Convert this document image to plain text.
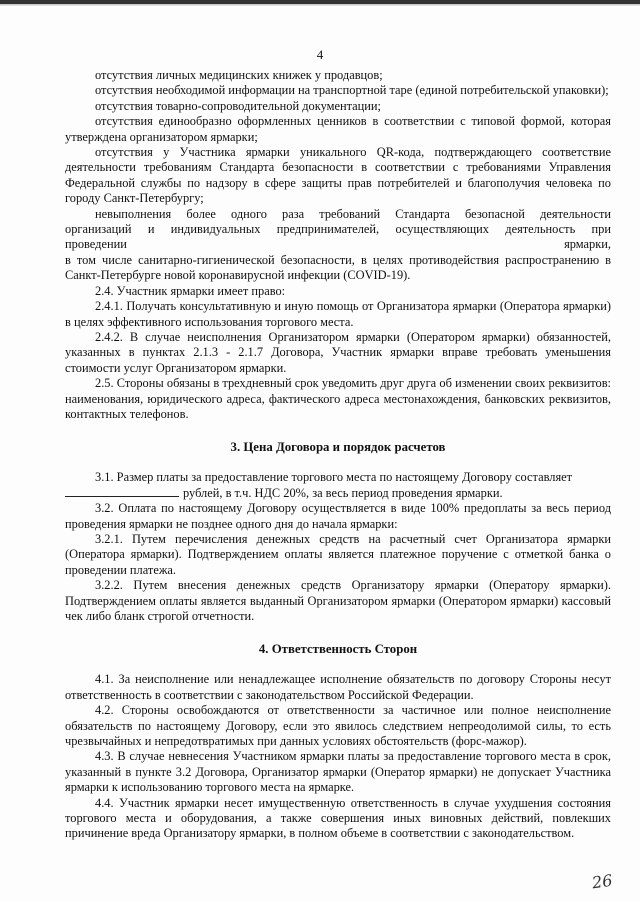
4

отсутствия личных медицинских книжек у продавцов;

отсутствия необходимой информации на транспортной таре (единой потребительской упаковки);

отсутствия товарно-сопроводительной документации;

отсутствия единообразно оформленных ценников в соответствии с типовой формой, которая утверждена организатором ярмарки;

отсутствия у Участника ярмарки уникального QR-кода, подтверждающего соответствие деятельности требованиям Стандарта безопасности в соответствии с требованиями Управления Федеральной службы по надзору в сфере защиты прав потребителей и благополучия человека по городу Санкт-Петербургу;

невыполнения более одного раза требований Стандарта безопасной деятельности

организаций и индивидуальных предпринимателей, осуществляющих деятельность при

проведении	ярмарки,

в том числе санитарно-гигиенической безопасности, в целях противодействия распространению в Санкт-Петербурге новой коронавирусной инфекции (COVID-19).

2.4. Участник ярмарки имеет право:

2.4.1. Получать консультативную и иную помощь от Организатора ярмарки (Оператора ярмарки) в целях эффективного использования торгового места.

2.4.2. В случае неисполнения Организатором ярмарки (Оператором ярмарки) обязанностей, указанных в пунктах 2.1.3 - 2.1.7 Договора, Участник ярмарки вправе требовать уменьшения стоимости услуг Организатором ярмарки.

2.5. Стороны обязаны в трехдневный срок уведомить друг друга об изменении своих реквизитов: наименования, юридического адреса, фактического адреса местонахождения, банковских реквизитов, контактных телефонов.

3. Цена Договора и порядок расчетов

3.1. Размер платы за предоставление торгового места по настоящему Договору составляет

рублей, в т.ч. НДС 20%, за весь период проведения ярмарки.

3.2. Оплата по настоящему Договору осуществляется в виде 100% предоплаты за весь период проведения ярмарки не позднее одного дня до начала ярмарки:

3.2.1. Путем перечисления денежных средств на расчетный счет Организатора ярмарки (Оператора ярмарки). Подтверждением оплаты является платежное поручение с отметкой банка о проведении платежа.

3.2.2. Путем внесения денежных средств Организатору ярмарки (Оператору ярмарки). Подтверждением оплаты является выданный Организатором ярмарки (Оператором ярмарки) кассовый чек либо бланк строгой отчетности.

4. Ответственность Сторон

4.1. За неисполнение или ненадлежащее исполнение обязательств по договору Стороны несут ответственность в соответствии с законодательством Российской Федерации.

4.2. Стороны освобождаются от ответственности за частичное или полное неисполнение обязательств по настоящему Договору, если это явилось следствием непреодолимой силы, то есть чрезвычайных и непредотвратимых при данных условиях обстоятельств (форс-мажор).

4.3. В случае невнесения Участником ярмарки платы за предоставление торгового места в срок, указанный в пункте 3.2 Договора, Организатор ярмарки (Оператор ярмарки) не допускает Участника ярмарки к использованию торгового места на ярмарке.

4.4. Участник ярмарки несет имущественную ответственность в случае ухудшения состояния торгового места и оборудования, а также совершения иных виновных действий, повлекших причинение вреда Организатору ярмарки, в полном объеме в соответствии с законодательством.

26
